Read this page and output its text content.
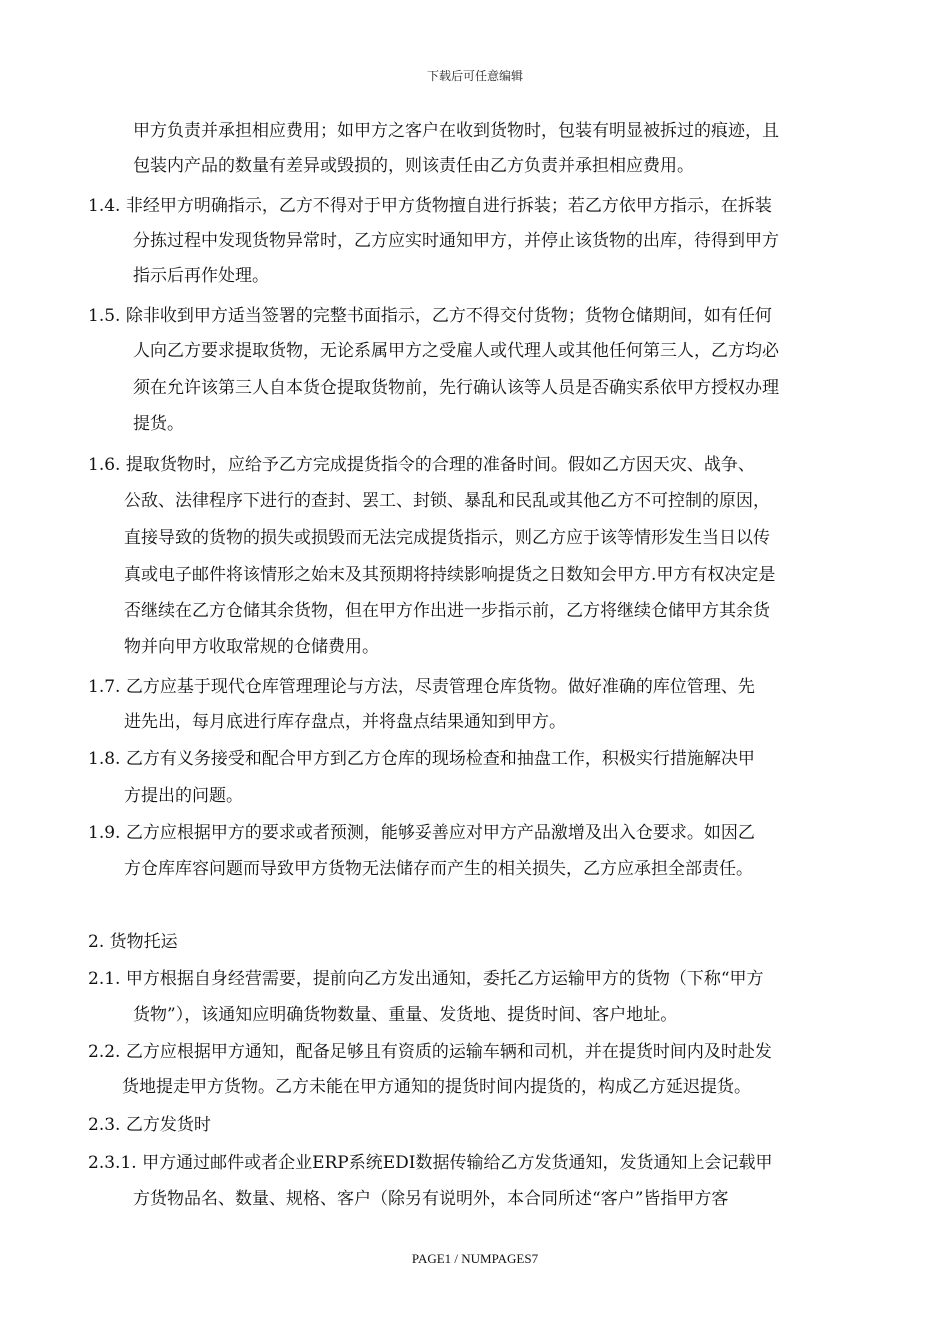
下载后可任意编辑
甲方负责并承担相应费用；如甲方之客户在收到货物时，包装有明显被拆过的痕迹，且
包装内产品的数量有差异或毁损的，则该责任由乙方负责并承担相应费用。
1.4. 非经甲方明确指示，乙方不得对于甲方货物擅自进行拆装；若乙方依甲方指示，在拆装
分拣过程中发现货物异常时，乙方应实时通知甲方，并停止该货物的出库，待得到甲方
指示后再作处理。
1.5. 除非收到甲方适当签署的完整书面指示，乙方不得交付货物；货物仓储期间，如有任何
人向乙方要求提取货物，无论系属甲方之受雇人或代理人或其他任何第三人，乙方均必
须在允许该第三人自本货仓提取货物前，先行确认该等人员是否确实系依甲方授权办理
提货。
1.6. 提取货物时，应给予乙方完成提货指令的合理的准备时间。假如乙方因天灾、战争、
公敌、法律程序下进行的查封、罢工、封锁、暴乱和民乱或其他乙方不可控制的原因，
直接导致的货物的损失或损毁而无法完成提货指示，则乙方应于该等情形发生当日以传
真或电子邮件将该情形之始末及其预期将持续影响提货之日数知会甲方.甲方有权决定是
否继续在乙方仓储其余货物，但在甲方作出进一步指示前，乙方将继续仓储甲方其余货
物并向甲方收取常规的仓储费用。
1.7. 乙方应基于现代仓库管理理论与方法，尽责管理仓库货物。做好准确的库位管理、先
进先出，每月底进行库存盘点，并将盘点结果通知到甲方。
1.8. 乙方有义务接受和配合甲方到乙方仓库的现场检查和抽盘工作，积极实行措施解决甲
方提出的问题。
1.9. 乙方应根据甲方的要求或者预测，能够妥善应对甲方产品激增及出入仓要求。如因乙
方仓库库容问题而导致甲方货物无法储存而产生的相关损失，乙方应承担全部责任。
2. 货物托运
2.1. 甲方根据自身经营需要，提前向乙方发出通知，委托乙方运输甲方的货物（下称“甲方
货物”），该通知应明确货物数量、重量、发货地、提货时间、客户地址。
2.2. 乙方应根据甲方通知，配备足够且有资质的运输车辆和司机，并在提货时间内及时赴发
货地提走甲方货物。乙方未能在甲方通知的提货时间内提货的，构成乙方延迟提货。
2.3. 乙方发货时
2.3.1. 甲方通过邮件或者企业ERP系统EDI数据传输给乙方发货通知，发货通知上会记载甲
方货物品名、数量、规格、客户（除另有说明外，本合同所述“客户”皆指甲方客
PAGE1 / NUMPAGES7
